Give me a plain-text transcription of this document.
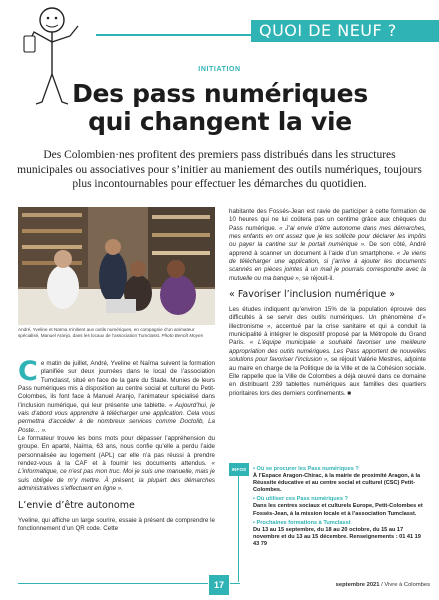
QUOI DE NEUF ?
INITIATION
Des pass numériques
qui changent la vie
Des Colombien·nes profitent des premiers pass distribués dans les structures municipales ou associatives pour s’initier au maniement des outils numériques, toujours plus incontournables pour effectuer les démarches du quotidien.
André, Yveline et Naïma s’initient aux outils numériques, en compagnie d’un animateur spécialisé, Manuel Aranjo, dans les locaux de l’association Tumclasst. Photo Benoît Moyen

Ce matin de juillet, André, Yveline et Naïma suivent la formation planifiée sur deux journées dans le local de l’association Tumclasst, situé en face de la gare du Stade. Munies de leurs Pass numériques mis à disposition au centre social et culturel du Petit-Colombes, ils font face à Manuel Aranjo, l’animateur spécialisé dans l’inclusion numérique, qui leur présente une tablette. « Aujourd’hui, je vais d’abord vous apprendre à télécharger une application. Cela vous permettra d’accéder à de nombreux services comme Doctolib, La Poste… ».

Le formateur trouve les bons mots pour dépasser l’appréhension du groupe. En aparté, Naïma, 63 ans, nous confie qu’elle a perdu l’aide personnalisée au logement (APL) car elle n’a pas réussi à prendre rendez-vous à la CAF et à fournir les documents attendus. « L’informatique, ce n’est pas mon truc. Moi je suis une manuelle, mais je suis obligée de m’y mettre. À présent, la plupart des démarches administratives s’effectuent en ligne ».

L’envie d’être autonome

Yveline, qui affiche un large sourire, essaie à présent de comprendre le fonctionnement d’un QR code. Cette

habitante des Fossés-Jean est ravie de participer à cette formation de 10 heures qui ne lui coûtera pas un centime grâce aux chèques du Pass numérique. « J’ai envie d’être autonome dans mes démarches, mes enfants en ont assez que je les sollicite pour déclarer les impôts ou payer la cantine sur le portail numérique ». De son côté, André apprend à scanner un document à l’aide d’un smartphone. « Je viens de télécharger une application, si j’arrive à ajouter les documents scannés en pièces jointes à un mail je pourrais correspondre avec la mutuelle ou ma banque », se réjouit-il.

« Favoriser l’inclusion numérique »

Les études indiquent qu’environ 15% de la population éprouve des difficultés à se servir des outils numériques. Un phénomène d’« illectronisme », accentué par la crise sanitaire et qui a conduit la municipalité à intégrer le dispositif proposé par la Métropole du Grand Paris. « L’équipe municipale a souhaité favoriser une meilleure appropriation des outils numériques. Les Pass apportent de nouvelles solutions pour favoriser l’inclusion », se réjouit Valérie Mestres, adjointe au maire en charge de la Politique de la Ville et de la Cohésion sociale. Elle rappelle que la Ville de Colombes a déjà œuvré dans ce domaine en distribuant 239 tablettes numériques aux familles des quartiers prioritaires lors des derniers confinements. ■

INFOS	• Où se procurer les Pass numériques ?
À l’Espace Aragon-Chirac, à la mairie de proximité Aragon, à la Réussite éducative et au centre social et culturel (CSC) Petit-Colombes.
• Où utiliser ces Pass numériques ?
Dans les centres sociaux et culturels Europe, Petit-Colombes et Fossés-Jean, à la mission locale et à l’association Tumclasst.
• Prochaines formations à Tumclasst
Du 13 au 15 septembre, du 18 au 20 octobre, du 15 au 17 novembre et du 13 au 15 décembre. Renseignements : 01 41 19 43 79
17	septembre 2021 / Vivre à Colombes
